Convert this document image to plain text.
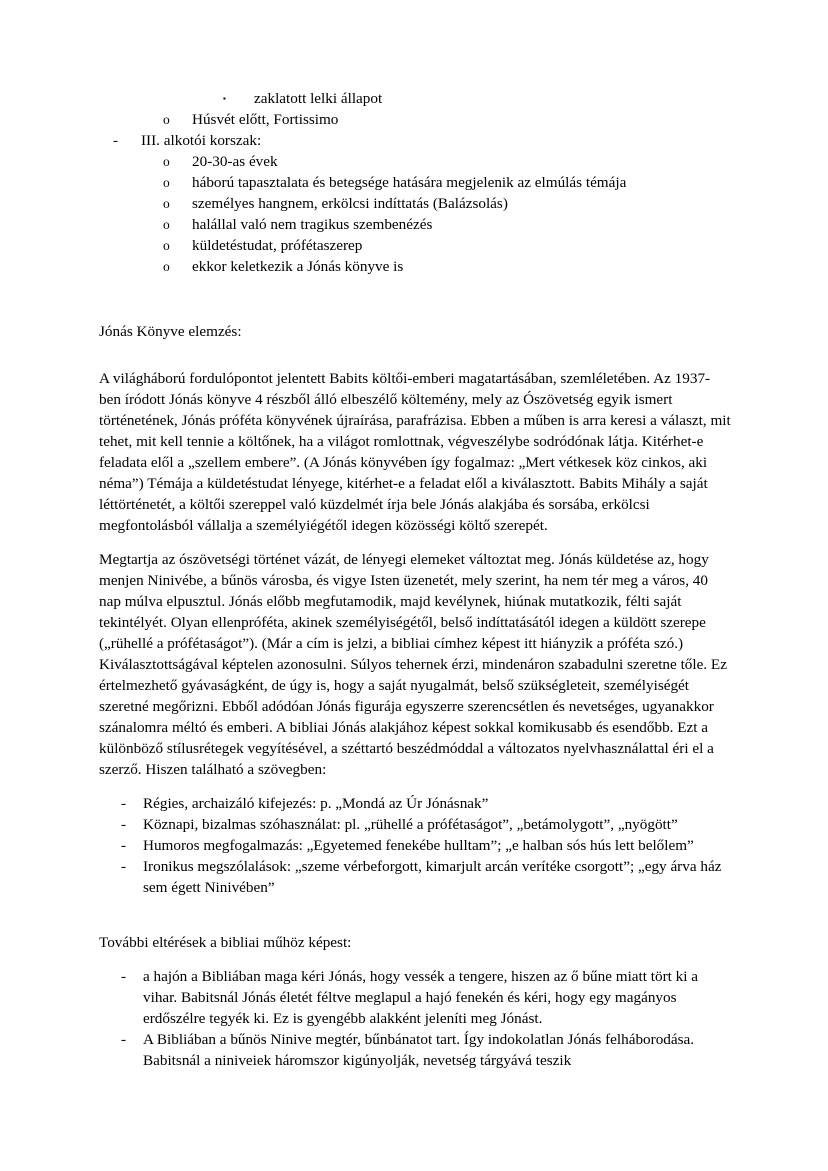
▪	zaklatott lelki állapot
o	Húsvét előtt, Fortissimo
-	III. alkotói korszak:
o	20-30-as évek
o	háború tapasztalata és betegsége hatására megjelenik az elmúlás témája
o	személyes hangnem, erkölcsi indíttatás (Balázsolás)
o	halállal való nem tragikus szembenézés
o	küldetéstudat, prófétaszerep
o	ekkor keletkezik a Jónás könyve is

Jónás Könyve elemzés:

A világháború fordulópontot jelentett Babits költői-emberi magatartásában, szemléletében. Az 1937-ben íródott Jónás könyve 4 részből álló elbeszélő költemény, mely az Ószövetség egyik ismert történetének, Jónás próféta könyvének újraírása, parafrázisa. Ebben a műben is arra keresi a választ, mit tehet, mit kell tennie a költőnek, ha a világot romlottnak, végveszélybe sodródónak látja. Kitérhet-e feladata elől a „szellem embere”. (A Jónás könyvében így fogalmaz: „Mert vétkesek köz cinkos, aki néma”) Témája a küldetéstudat lényege, kitérhet-e a feladat elől a kiválasztott. Babits Mihály a saját léttörténetét, a költői szereppel való küzdelmét írja bele Jónás alakjába és sorsába, erkölcsi megfontolásból vállalja a személyiégétől idegen közösségi költő szerepét.

Megtartja az ószövetségi történet vázát, de lényegi elemeket változtat meg. Jónás küldetése az, hogy menjen Ninivébe, a bűnös városba, és vigye Isten üzenetét, mely szerint, ha nem tér meg a város, 40 nap múlva elpusztul. Jónás előbb megfutamodik, majd kevélynek, hiúnak mutatkozik, félti saját tekintélyét. Olyan ellenpróféta, akinek személyiségétől, belső indíttatásától idegen a küldött szerepe („rühellé a prófétaságot”). (Már a cím is jelzi, a bibliai címhez képest itt hiányzik a próféta szó.) Kiválasztottságával képtelen azonosulni. Súlyos tehernek érzi, mindenáron szabadulni szeretne tőle. Ez értelmezhető gyávaságként, de úgy is, hogy a saját nyugalmát, belső szükségleteit, személyiségét szeretné megőrizni. Ebből adódóan Jónás figurája egyszerre szerencsétlen és nevetséges, ugyanakkor szánalomra méltó és emberi. A bibliai Jónás alakjához képest sokkal komikusabb és esendőbb. Ezt a különböző stílusrétegek vegyítésével, a széttartó beszédmóddal a változatos nyelvhasználattal éri el a szerző. Hiszen található a szövegben:

-	Régies, archaizáló kifejezés: p. „Mondá az Úr Jónásnak”
-	Köznapi, bizalmas szóhasználat: pl. „rühellé a prófétaságot”, „betámolygott”, „nyögött”
-	Humoros megfogalmazás: „Egyetemed fenekébe hulltam”; „e halban sós hús lett belőlem”
-	Ironikus megszólalások: „szeme vérbeforgott, kimarjult arcán verítéke csorgott”; „egy árva ház sem égett Ninivében”

További eltérések a bibliai műhöz képest:

-	a hajón a Bibliában maga kéri Jónás, hogy vessék a tengere, hiszen az ő bűne miatt tört ki a vihar. Babitsnál Jónás életét féltve meglapul a hajó fenekén és kéri, hogy egy magányos erdőszélre tegyék ki. Ez is gyengébb alakként jeleníti meg Jónást.
-	A Bibliában a bűnös Ninive megtér, bűnbánatot tart. Így indokolatlan Jónás felháborodása. Babitsnál a niniveiek háromszor kigúnyolják, nevetség tárgyává teszik
